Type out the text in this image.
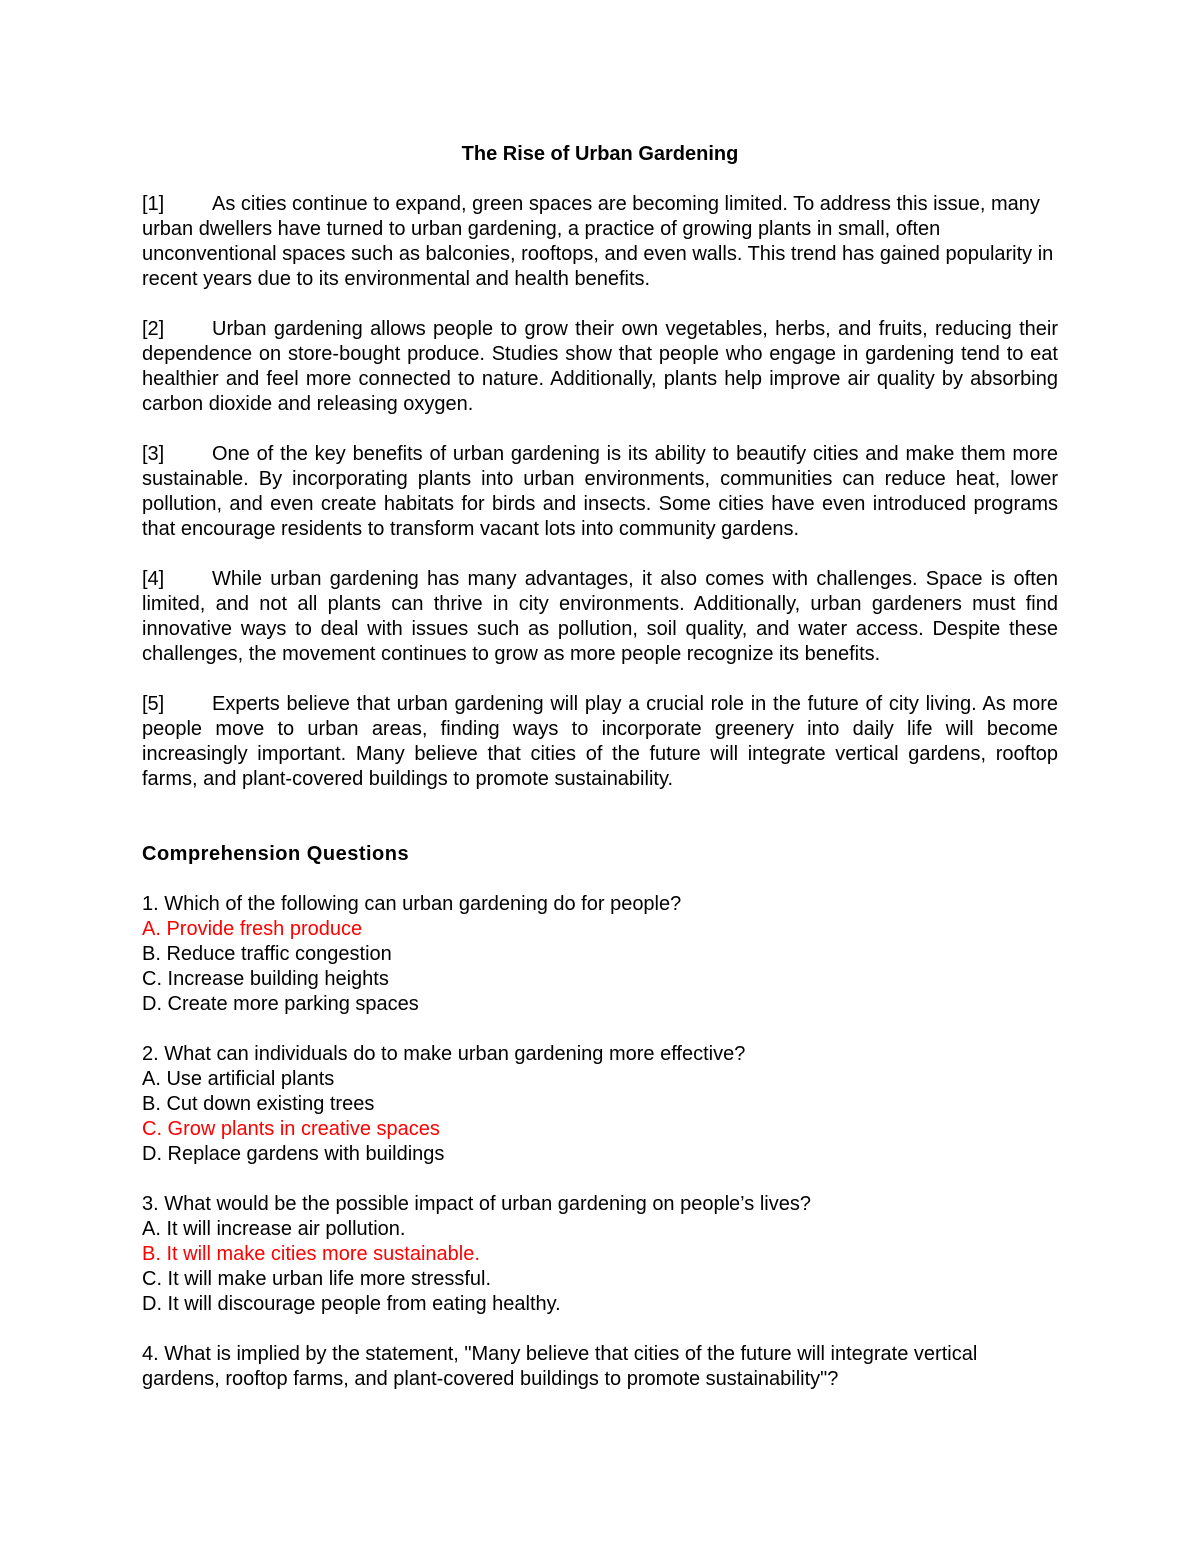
The Rise of Urban Gardening
[1] As cities continue to expand, green spaces are becoming limited. To address this issue, many urban dwellers have turned to urban gardening, a practice of growing plants in small, often unconventional spaces such as balconies, rooftops, and even walls. This trend has gained popularity in recent years due to its environmental and health benefits.
[2] Urban gardening allows people to grow their own vegetables, herbs, and fruits, reducing their dependence on store-bought produce. Studies show that people who engage in gardening tend to eat healthier and feel more connected to nature. Additionally, plants help improve air quality by absorbing carbon dioxide and releasing oxygen.
[3] One of the key benefits of urban gardening is its ability to beautify cities and make them more sustainable. By incorporating plants into urban environments, communities can reduce heat, lower pollution, and even create habitats for birds and insects. Some cities have even introduced programs that encourage residents to transform vacant lots into community gardens.
[4] While urban gardening has many advantages, it also comes with challenges. Space is often limited, and not all plants can thrive in city environments. Additionally, urban gardeners must find innovative ways to deal with issues such as pollution, soil quality, and water access. Despite these challenges, the movement continues to grow as more people recognize its benefits.
[5] Experts believe that urban gardening will play a crucial role in the future of city living. As more people move to urban areas, finding ways to incorporate greenery into daily life will become increasingly important. Many believe that cities of the future will integrate vertical gardens, rooftop farms, and plant-covered buildings to promote sustainability.
Comprehension Questions
1. Which of the following can urban gardening do for people?
A. Provide fresh produce
B. Reduce traffic congestion
C. Increase building heights
D. Create more parking spaces
2. What can individuals do to make urban gardening more effective?
A. Use artificial plants
B. Cut down existing trees
C. Grow plants in creative spaces
D. Replace gardens with buildings
3. What would be the possible impact of urban gardening on people’s lives?
A. It will increase air pollution.
B. It will make cities more sustainable.
C. It will make urban life more stressful.
D. It will discourage people from eating healthy.
4. What is implied by the statement, "Many believe that cities of the future will integrate vertical gardens, rooftop farms, and plant-covered buildings to promote sustainability"?
